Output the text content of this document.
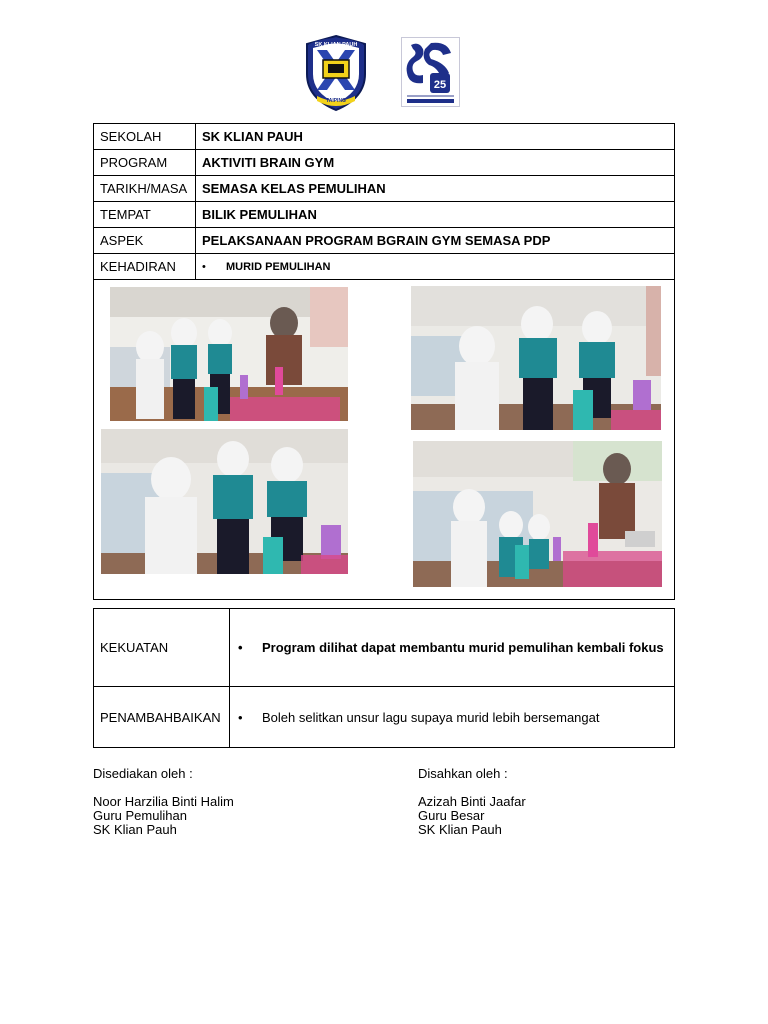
SK KLIAN PAUH
TAIPING
25
SEKOLAH	SK KLIAN PAUH
PROGRAM	AKTIVITI BRAIN GYM
TARIKH/MASA	SEMASA KELAS PEMULIHAN
TEMPAT	BILIK PEMULIHAN
ASPEK	PELAKSANAAN PROGRAM BGRAIN GYM SEMASA PDP
KEHADIRAN	• MURID PEMULIHAN
KEKUATAN	• Program dilihat dapat membantu murid pemulihan kembali fokus
PENAMBAHBAIKAN	• Boleh selitkan unsur lagu supaya murid lebih bersemangat
Disediakan oleh :
Noor Harzilia Binti Halim
Guru Pemulihan
SK Klian Pauh
Disahkan oleh :
Azizah Binti Jaafar
Guru Besar
SK Klian Pauh
